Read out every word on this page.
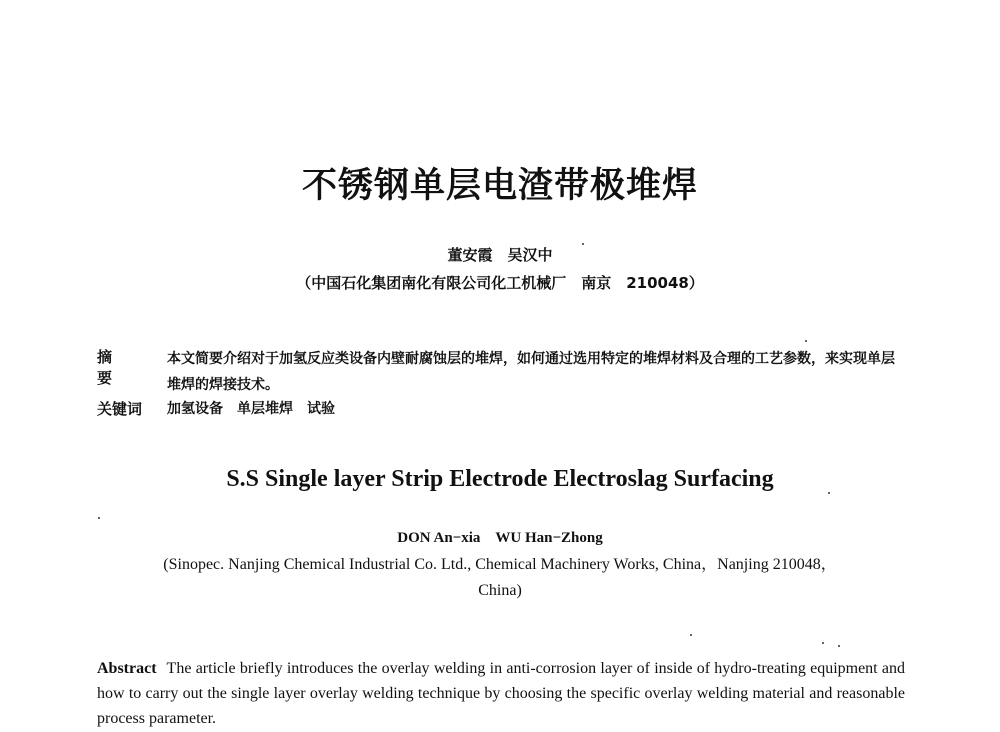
不锈钢单层电渣带极堆焊
董安霞　吴汉中
（中国石化集团南化有限公司化工机械厂　南京　210048）
摘　要
本文简要介绍对于加氢反应类设备内壁耐腐蚀层的堆焊，如何通过选用特定的堆焊材料及合理的工艺参数，来实现单层堆焊的焊接技术。
关键词 加氢设备　单层堆焊　试验
S.S Single layer Strip Electrode Electroslag Surfacing
DON An−xia　WU Han−Zhong
(Sinopec. Nanjing Chemical Industrial Co. Ltd., Chemical Machinery Works, China，Nanjing 210048，China)
Abstract The article briefly introduces the overlay welding in anti-corrosion layer of inside of hydro-treating equipment and how to carry out the single layer overlay welding technique by choosing the specific overlay welding material and reasonable process parameter.
